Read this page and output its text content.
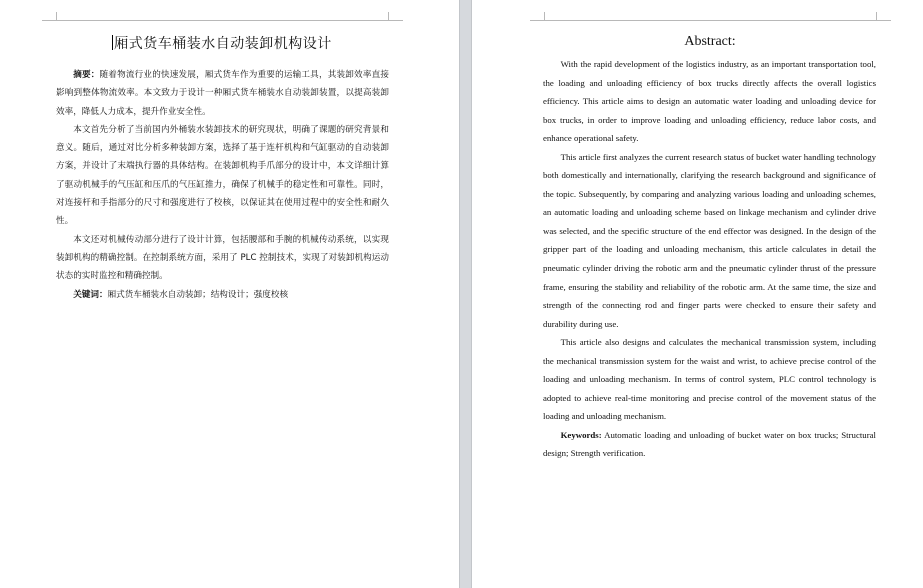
厢式货车桶装水自动装卸机构设计

摘要：随着物流行业的快速发展，厢式货车作为重要的运输工具，其装卸效率直接影响到整体物流效率。本文致力于设计一种厢式货车桶装水自动装卸装置，以提高装卸效率，降低人力成本，提升作业安全性。

本文首先分析了当前国内外桶装水装卸技术的研究现状，明确了课题的研究背景和意义。随后，通过对比分析多种装卸方案，选择了基于连杆机构和气缸驱动的自动装卸方案，并设计了末端执行器的具体结构。在装卸机构手爪部分的设计中，本文详细计算了驱动机械手的气压缸和压爪的气压缸推力，确保了机械手的稳定性和可靠性。同时，对连接杆和手指部分的尺寸和强度进行了校核，以保证其在使用过程中的安全性和耐久性。

本文还对机械传动部分进行了设计计算，包括腰部和手腕的机械传动系统，以实现装卸机构的精确控制。在控制系统方面，采用了 PLC 控制技术，实现了对装卸机构运动状态的实时监控和精确控制。

关键词：厢式货车桶装水自动装卸；结构设计；强度校核

Abstract:

With the rapid development of the logistics industry, as an important transportation tool, the loading and unloading efficiency of box trucks directly affects the overall logistics efficiency. This article aims to design an automatic water loading and unloading device for box trucks, in order to improve loading and unloading efficiency, reduce labor costs, and enhance operational safety.

This article first analyzes the current research status of bucket water handling technology both domestically and internationally, clarifying the research background and significance of the topic. Subsequently, by comparing and analyzing various loading and unloading schemes, an automatic loading and unloading scheme based on linkage mechanism and cylinder drive was selected, and the specific structure of the end effector was designed. In the design of the gripper part of the loading and unloading mechanism, this article calculates in detail the pneumatic cylinder driving the robotic arm and the pneumatic cylinder thrust of the pressure frame, ensuring the stability and reliability of the robotic arm. At the same time, the size and strength of the connecting rod and finger parts were checked to ensure their safety and durability during use.

This article also designs and calculates the mechanical transmission system, including the mechanical transmission system for the waist and wrist, to achieve precise control of the loading and unloading mechanism. In terms of control system, PLC control technology is adopted to achieve real-time monitoring and precise control of the movement status of the loading and unloading mechanism.

Keywords: Automatic loading and unloading of bucket water on box trucks; Structural design; Strength verification.
